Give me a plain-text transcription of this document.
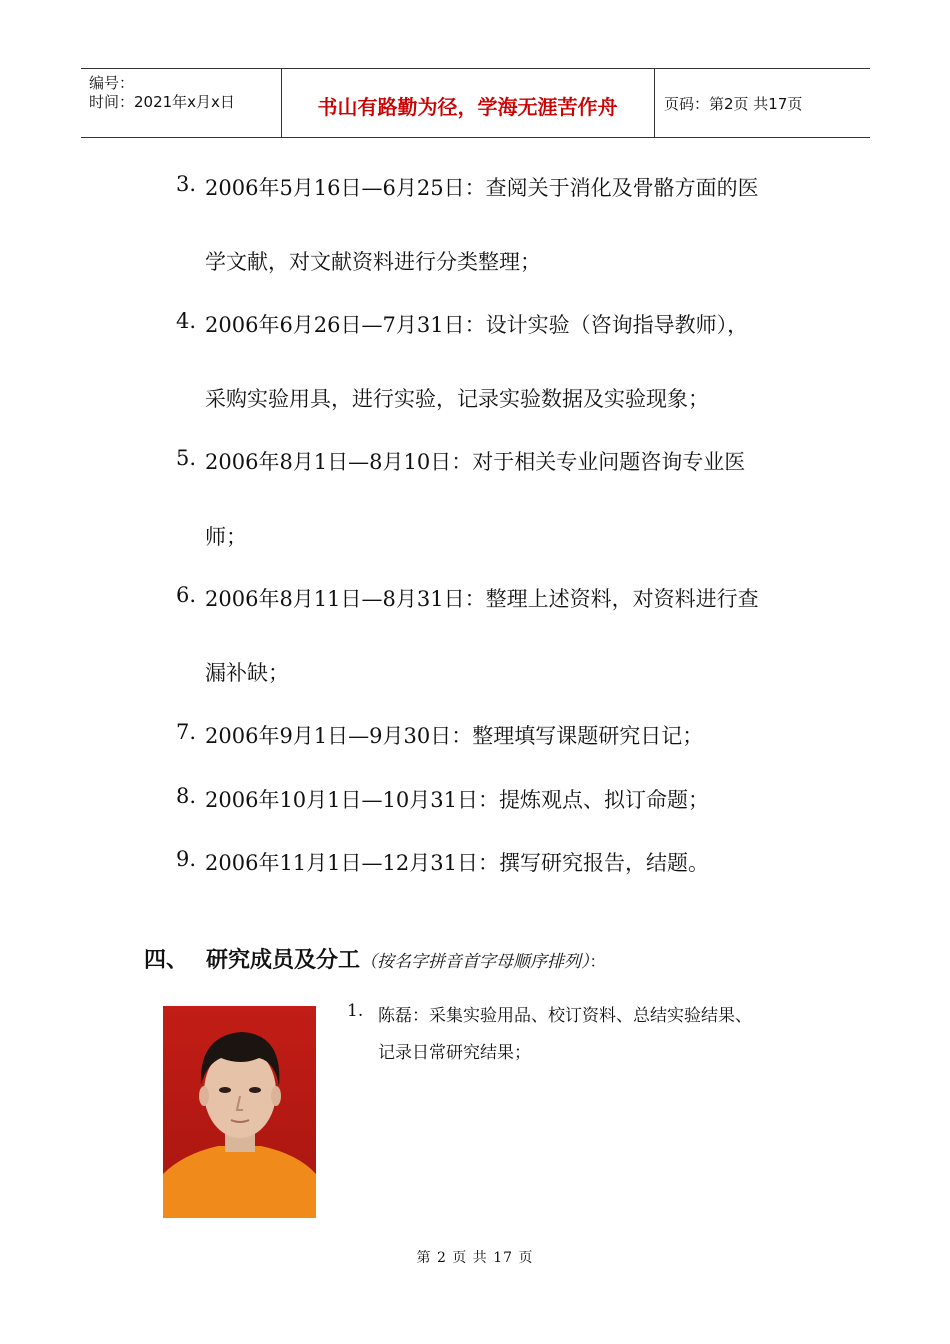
编号：
时间：2021年x月x日	书山有路勤为径，学海无涯苦作舟	页码：第2页 共17页
3. 2006年5月16日—6月25日：查阅关于消化及骨骼方面的医
学文献，对文献资料进行分类整理；
4. 2006年6月26日—7月31日：设计实验（咨询指导教师），
采购实验用具，进行实验，记录实验数据及实验现象；
5. 2006年8月1日—8月10日：对于相关专业问题咨询专业医
师；
6. 2006年8月11日—8月31日：整理上述资料，对资料进行查
漏补缺；
7. 2006年9月1日—9月30日：整理填写课题研究日记；
8. 2006年10月1日—10月31日：提炼观点、拟订命题；
9. 2006年11月1日—12月31日：撰写研究报告，结题。
四、 研究成员及分工（按名字拼音首字母顺序排列）：
1. 陈磊：采集实验用品、校订资料、总结实验结果、
记录日常研究结果；
第 2 页 共 17 页
